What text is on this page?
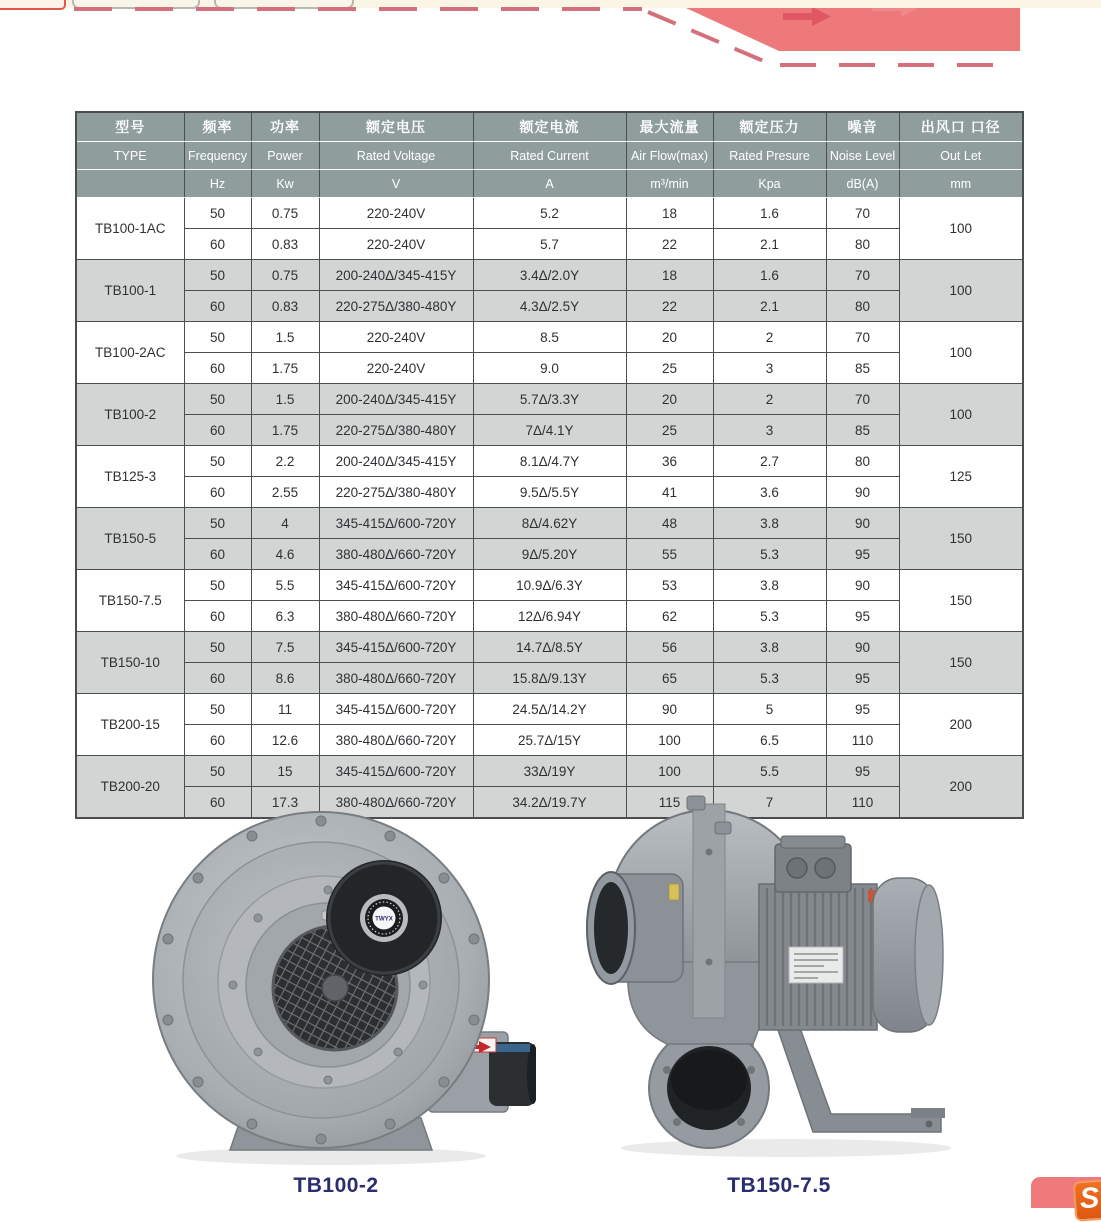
型号	频率	功率	额定电压	额定电流	最大流量	额定压力	噪音	出风口 口径
TYPE	Frequency	Power	Rated Voltage	Rated Current	Air Flow(max)	Rated Presure	Noise Level	Out Let
	Hz	Kw	V	A	m³/min	Kpa	dB(A)	mm
TB100-1AC	50	0.75	220-240V	5.2	18	1.6	70	100
	60	0.83	220-240V	5.7	22	2.1	80	
TB100-1	50	0.75	200-240Δ/345-415Y	3.4Δ/2.0Y	18	1.6	70	100
	60	0.83	220-275Δ/380-480Y	4.3Δ/2.5Y	22	2.1	80	
TB100-2AC	50	1.5	220-240V	8.5	20	2	70	100
	60	1.75	220-240V	9.0	25	3	85	
TB100-2	50	1.5	200-240Δ/345-415Y	5.7Δ/3.3Y	20	2	70	100
	60	1.75	220-275Δ/380-480Y	7Δ/4.1Y	25	3	85	
TB125-3	50	2.2	200-240Δ/345-415Y	8.1Δ/4.7Y	36	2.7	80	125
	60	2.55	220-275Δ/380-480Y	9.5Δ/5.5Y	41	3.6	90	
TB150-5	50	4	345-415Δ/600-720Y	8Δ/4.62Y	48	3.8	90	150
	60	4.6	380-480Δ/660-720Y	9Δ/5.20Y	55	5.3	95	
TB150-7.5	50	5.5	345-415Δ/600-720Y	10.9Δ/6.3Y	53	3.8	90	150
	60	6.3	380-480Δ/660-720Y	12Δ/6.94Y	62	5.3	95	
TB150-10	50	7.5	345-415Δ/600-720Y	14.7Δ/8.5Y	56	3.8	90	150
	60	8.6	380-480Δ/660-720Y	15.8Δ/9.13Y	65	5.3	95	
TB200-15	50	11	345-415Δ/600-720Y	24.5Δ/14.2Y	90	5	95	200
	60	12.6	380-480Δ/660-720Y	25.7Δ/15Y	100	6.5	110	
TB200-20	50	15	345-415Δ/600-720Y	33Δ/19Y	100	5.5	95	200
	60	17.3	380-480Δ/660-720Y	34.2Δ/19.7Y	115	7	110	
TWYX
TB100-2	TB150-7.5	S
